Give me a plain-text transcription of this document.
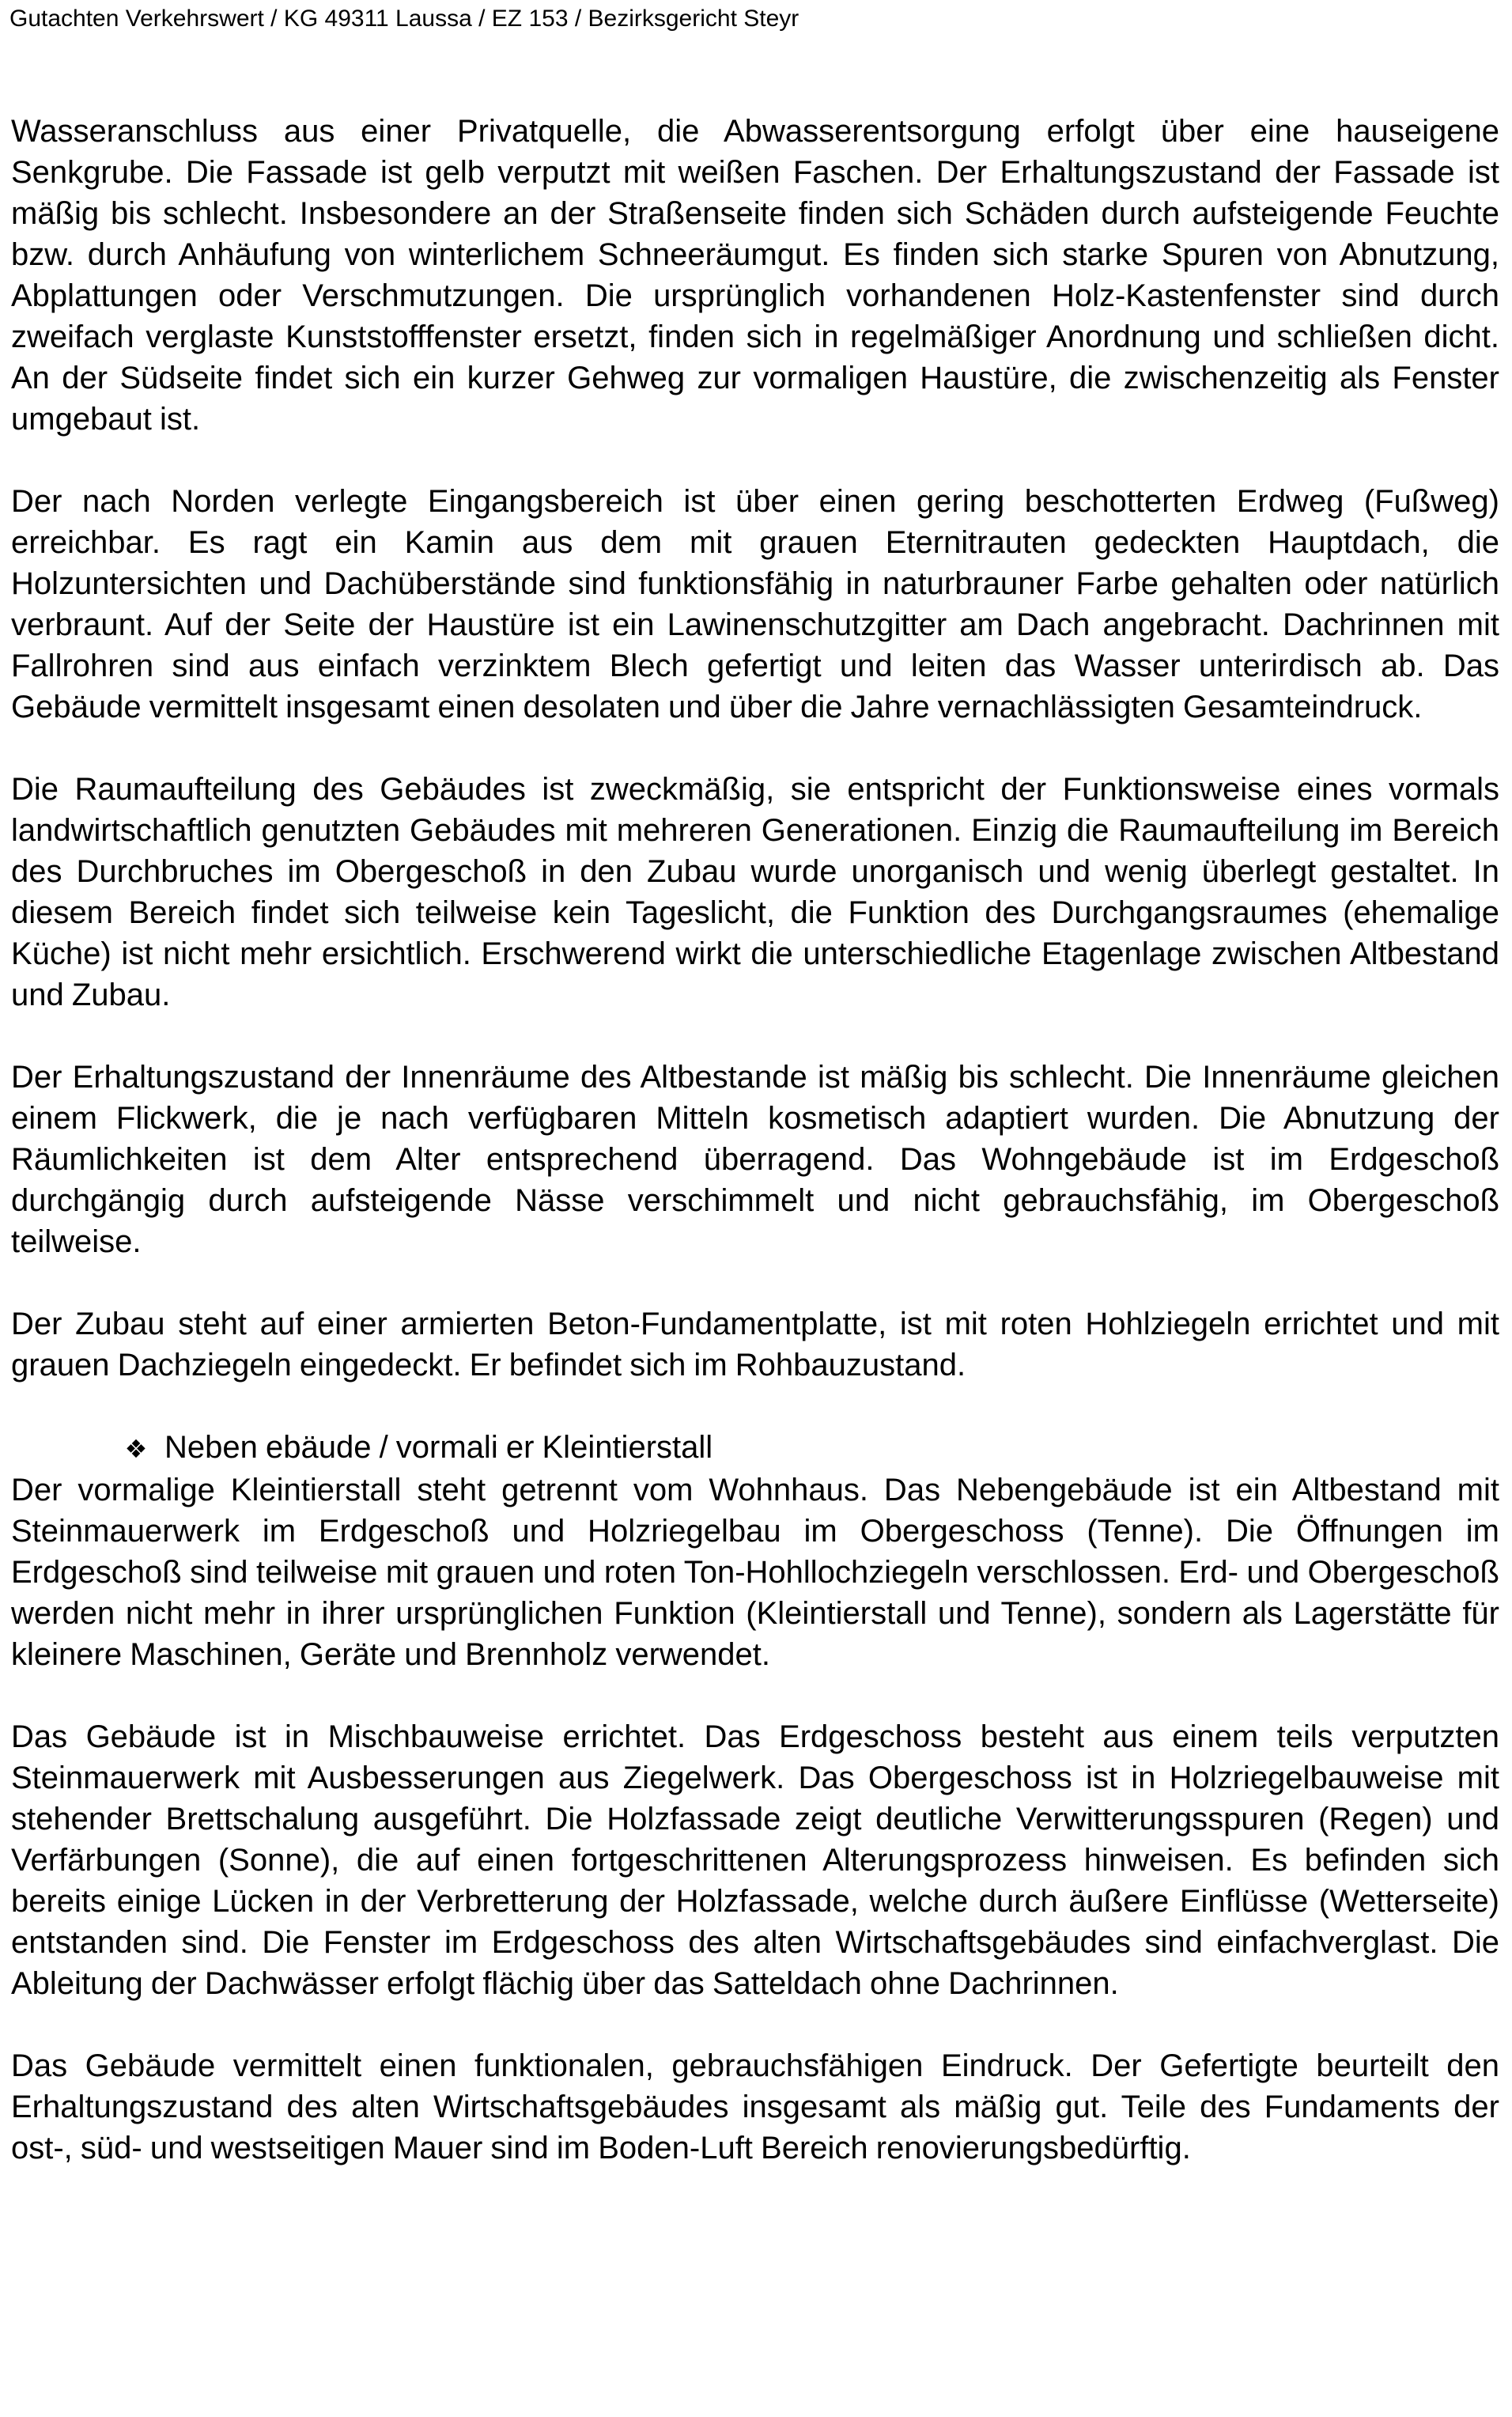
Gutachten Verkehrswert / KG 49311 Laussa / EZ 153 / Bezirksgericht Steyr

Wasseranschluss aus einer Privatquelle, die Abwasserentsorgung erfolgt über eine hauseigene Senkgrube. Die Fassade ist gelb verputzt mit weißen Faschen. Der Erhaltungszustand der Fassade ist mäßig bis schlecht. Insbesondere an der Straßenseite finden sich Schäden durch aufsteigende Feuchte bzw. durch Anhäufung von winterlichem Schneeräumgut. Es finden sich starke Spuren von Abnutzung, Abplattungen oder Verschmutzungen. Die ursprünglich vorhandenen Holz-Kastenfenster sind durch zweifach verglaste Kunststofffenster ersetzt, finden sich in regelmäßiger Anordnung und schließen dicht. An der Südseite findet sich ein kurzer Gehweg zur vormaligen Haustüre, die zwischenzeitig als Fenster umgebaut ist.

Der nach Norden verlegte Eingangsbereich ist über einen gering beschotterten Erdweg (Fußweg) erreichbar. Es ragt ein Kamin aus dem mit grauen Eternitrauten gedeckten Hauptdach, die Holzuntersichten und Dachüberstände sind funktionsfähig in naturbrauner Farbe gehalten oder natürlich verbraunt. Auf der Seite der Haustüre ist ein Lawinenschutzgitter am Dach angebracht. Dachrinnen mit Fallrohren sind aus einfach verzinktem Blech gefertigt und leiten das Wasser unterirdisch ab. Das Gebäude vermittelt insgesamt einen desolaten und über die Jahre vernachlässigten Gesamteindruck.

Die Raumaufteilung des Gebäudes ist zweckmäßig, sie entspricht der Funktionsweise eines vormals landwirtschaftlich genutzten Gebäudes mit mehreren Generationen. Einzig die Raumaufteilung im Bereich des Durchbruches im Obergeschoß in den Zubau wurde unorganisch und wenig überlegt gestaltet. In diesem Bereich findet sich teilweise kein Tageslicht, die Funktion des Durchgangsraumes (ehemalige Küche) ist nicht mehr ersichtlich. Erschwerend wirkt die unterschiedliche Etagenlage zwischen Altbestand und Zubau.

Der Erhaltungszustand der Innenräume des Altbestande ist mäßig bis schlecht. Die Innenräume gleichen einem Flickwerk, die je nach verfügbaren Mitteln kosmetisch adaptiert wurden. Die Abnutzung der Räumlichkeiten ist dem Alter entsprechend überragend. Das Wohngebäude ist im Erdgeschoß durchgängig durch aufsteigende Nässe verschimmelt und nicht gebrauchsfähig, im Obergeschoß teilweise.

Der Zubau steht auf einer armierten Beton-Fundamentplatte, ist mit roten Hohlziegeln errichtet und mit grauen Dachziegeln eingedeckt. Er befindet sich im Rohbauzustand.

❖ Neben ebäude / vormali er Kleintierstall

Der vormalige Kleintierstall steht getrennt vom Wohnhaus. Das Nebengebäude ist ein Altbestand mit Steinmauerwerk im Erdgeschoß und Holzriegelbau im Obergeschoss (Tenne). Die Öffnungen im Erdgeschoß sind teilweise mit grauen und roten Ton-Hohllochziegeln verschlossen. Erd- und Obergeschoß werden nicht mehr in ihrer ursprünglichen Funktion (Kleintierstall und Tenne), sondern als Lagerstätte für kleinere Maschinen, Geräte und Brennholz verwendet.

Das Gebäude ist in Mischbauweise errichtet. Das Erdgeschoss besteht aus einem teils verputzten Steinmauerwerk mit Ausbesserungen aus Ziegelwerk. Das Obergeschoss ist in Holzriegelbauweise mit stehender Brettschalung ausgeführt. Die Holzfassade zeigt deutliche Verwitterungsspuren (Regen) und Verfärbungen (Sonne), die auf einen fortgeschrittenen Alterungsprozess hinweisen. Es befinden sich bereits einige Lücken in der Verbretterung der Holzfassade, welche durch äußere Einflüsse (Wetterseite) entstanden sind. Die Fenster im Erdgeschoss des alten Wirtschaftsgebäudes sind einfachverglast. Die Ableitung der Dachwässer erfolgt flächig über das Satteldach ohne Dachrinnen.

Das Gebäude vermittelt einen funktionalen, gebrauchsfähigen Eindruck. Der Gefertigte beurteilt den Erhaltungszustand des alten Wirtschaftsgebäudes insgesamt als mäßig gut. Teile des Fundaments der ost-, süd- und westseitigen Mauer sind im Boden-Luft Bereich renovierungsbedürftig.
